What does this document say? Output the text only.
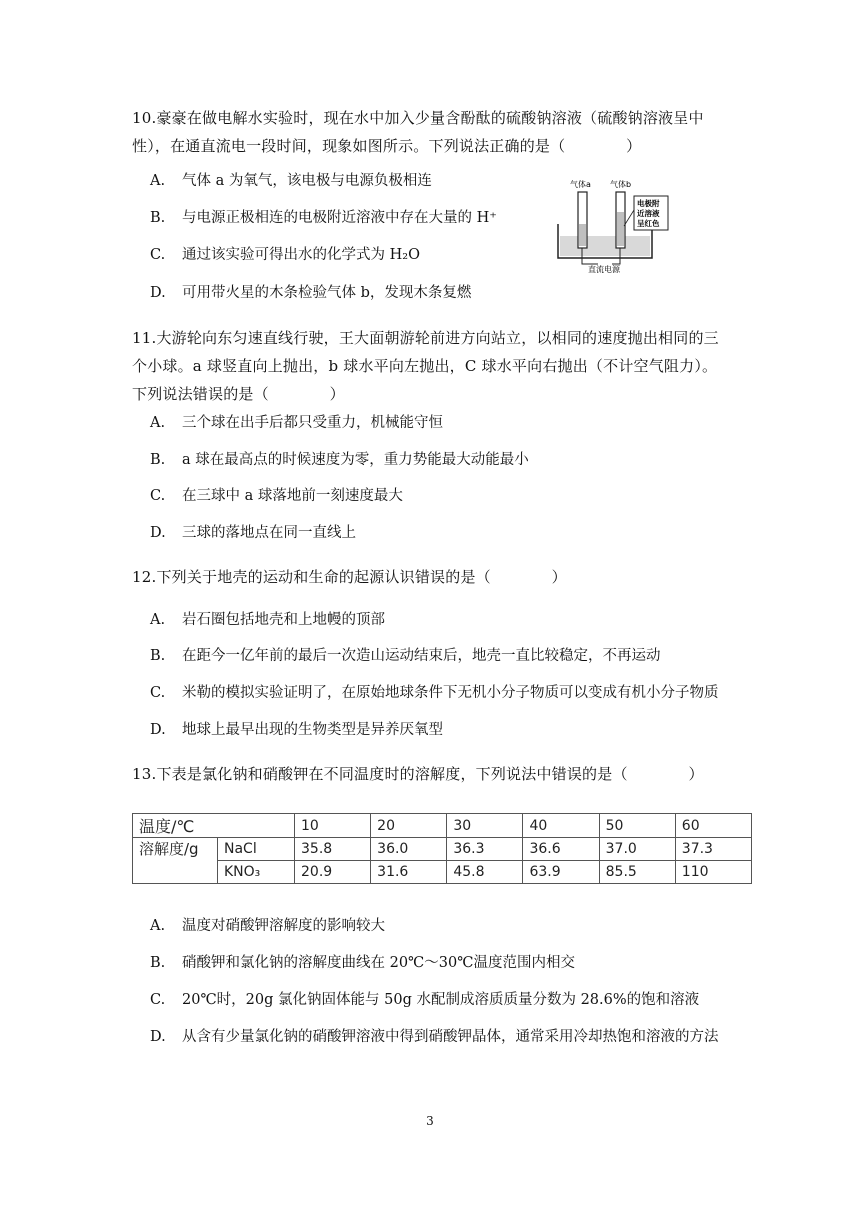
10.豪豪在做电解水实验时，现在水中加入少量含酚酞的硫酸钠溶液（硫酸钠溶液呈中性），在通直流电一段时间，现象如图所示。下列说法正确的是（　　　　）
A. 气体 a 为氧气，该电极与电源负极相连
B. 与电源正极相连的电极附近溶液中存在大量的 H⁺
C. 通过该实验可得出水的化学式为 H₂O
D. 可用带火星的木条检验气体 b，发现木条复燃
气体a 气体b
直流电源
电极附
近溶液
呈红色
11.大游轮向东匀速直线行驶，王大面朝游轮前进方向站立，以相同的速度抛出相同的三个小球。a 球竖直向上抛出，b 球水平向左抛出，C 球水平向右抛出（不计空气阻力）。下列说法错误的是（　　　　）
A. 三个球在出手后都只受重力，机械能守恒
B. a 球在最高点的时候速度为零，重力势能最大动能最小
C. 在三球中 a 球落地前一刻速度最大
D. 三球的落地点在同一直线上
12.下列关于地壳的运动和生命的起源认识错误的是（　　　　）
A. 岩石圈包括地壳和上地幔的顶部
B. 在距今一亿年前的最后一次造山运动结束后，地壳一直比较稳定，不再运动
C. 米勒的模拟实验证明了，在原始地球条件下无机小分子物质可以变成有机小分子物质
D. 地球上最早出现的生物类型是异养厌氧型
13.下表是氯化钠和硝酸钾在不同温度时的溶解度，下列说法中错误的是（　　　　）
温度/℃		10	20	30	40	50	60
溶解度/g	NaCl	35.8	36.0	36.3	36.6	37.0	37.3
	KNO₃	20.9	31.6	45.8	63.9	85.5	110
A. 温度对硝酸钾溶解度的影响较大
B. 硝酸钾和氯化钠的溶解度曲线在 20℃～30℃温度范围内相交
C. 20℃时，20g 氯化钠固体能与 50g 水配制成溶质质量分数为 28.6%的饱和溶液
D. 从含有少量氯化钠的硝酸钾溶液中得到硝酸钾晶体，通常采用冷却热饱和溶液的方法
3
